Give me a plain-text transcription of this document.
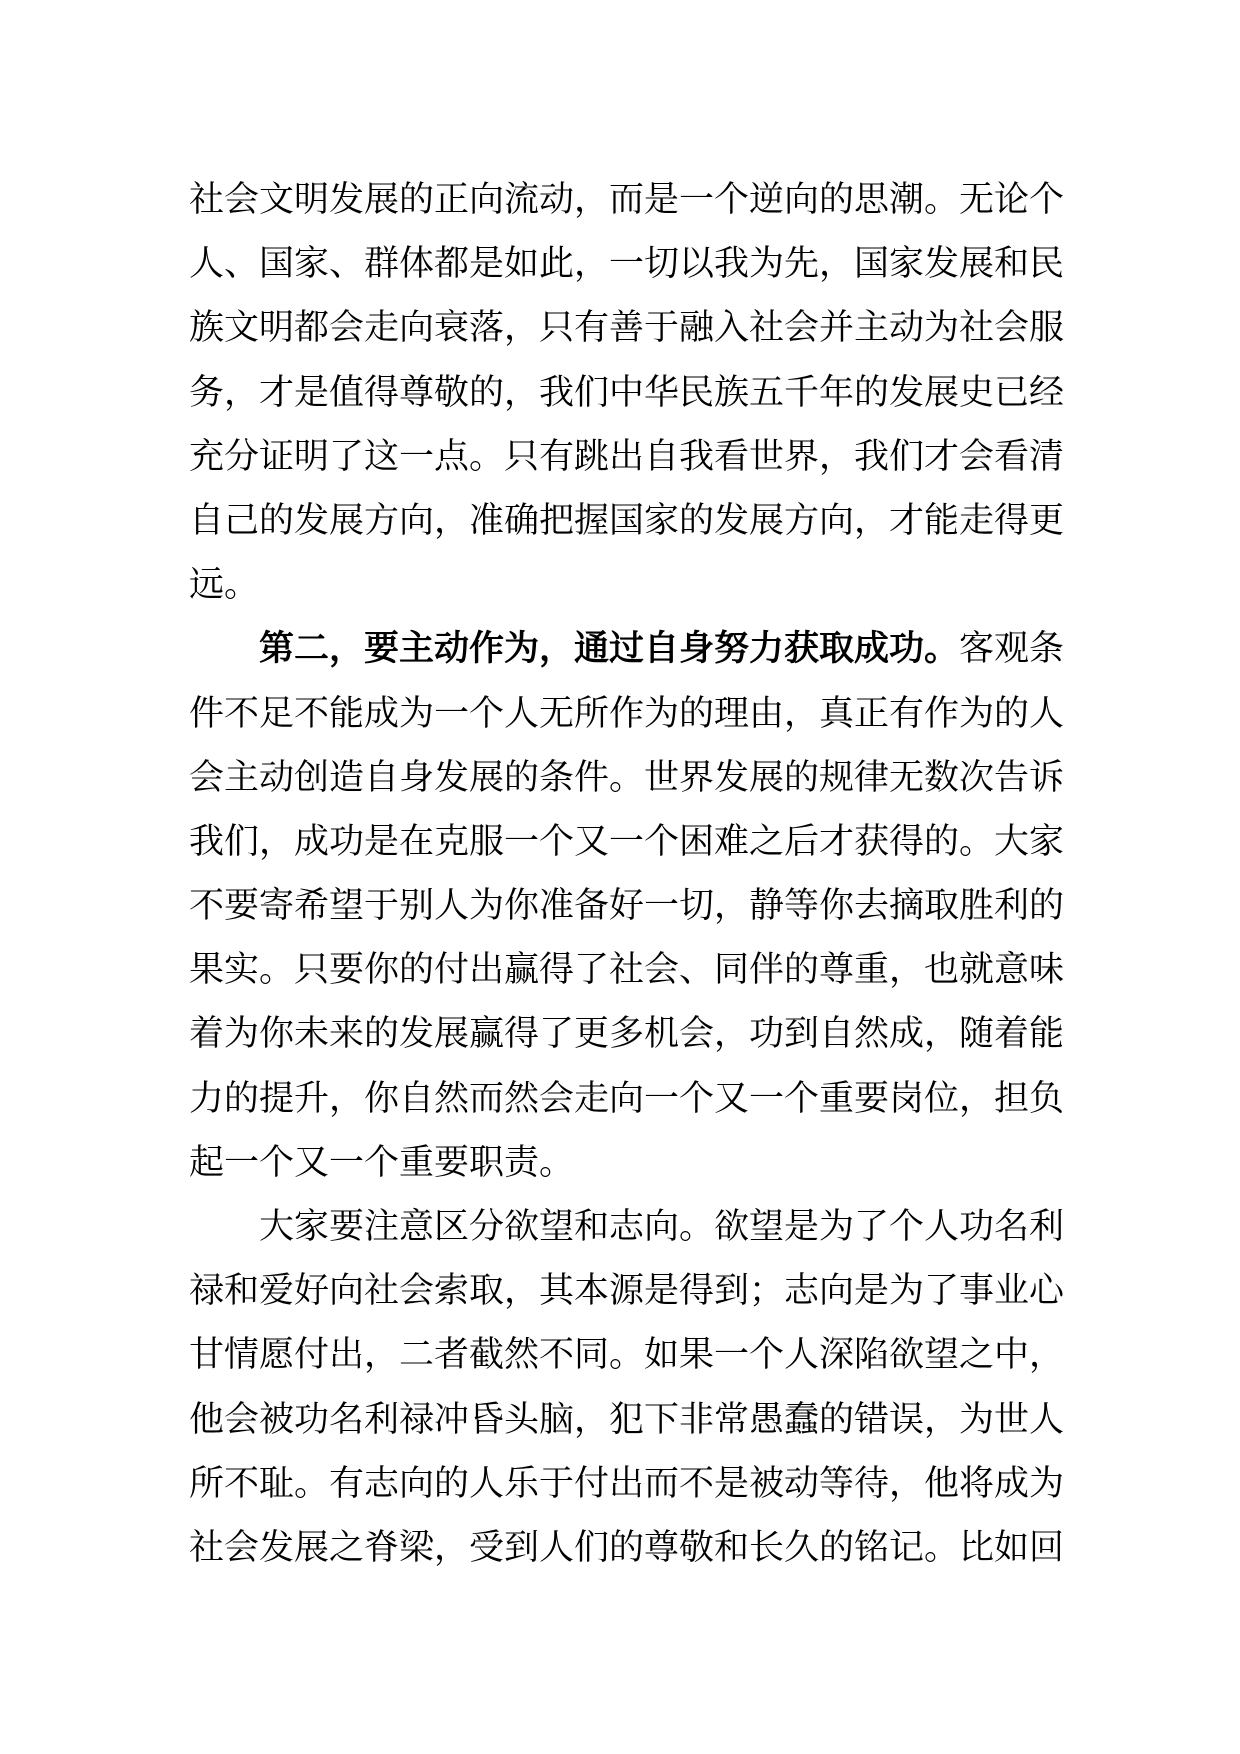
社会文明发展的正向流动，而是一个逆向的思潮。无论个
人、国家、群体都是如此，一切以我为先，国家发展和民
族文明都会走向衰落，只有善于融入社会并主动为社会服
务，才是值得尊敬的，我们中华民族五千年的发展史已经
充分证明了这一点。只有跳出自我看世界，我们才会看清
自己的发展方向，准确把握国家的发展方向，才能走得更
远。
第二，要主动作为，通过自身努力获取成功。客观条
件不足不能成为一个人无所作为的理由，真正有作为的人
会主动创造自身发展的条件。世界发展的规律无数次告诉
我们，成功是在克服一个又一个困难之后才获得的。大家
不要寄希望于别人为你准备好一切，静等你去摘取胜利的
果实。只要你的付出赢得了社会、同伴的尊重，也就意味
着为你未来的发展赢得了更多机会，功到自然成，随着能
力的提升，你自然而然会走向一个又一个重要岗位，担负
起一个又一个重要职责。
大家要注意区分欲望和志向。欲望是为了个人功名利
禄和爱好向社会索取，其本源是得到；志向是为了事业心
甘情愿付出，二者截然不同。如果一个人深陷欲望之中，
他会被功名利禄冲昏头脑，犯下非常愚蠢的错误，为世人
所不耻。有志向的人乐于付出而不是被动等待，他将成为
社会发展之脊梁，受到人们的尊敬和长久的铭记。比如回
